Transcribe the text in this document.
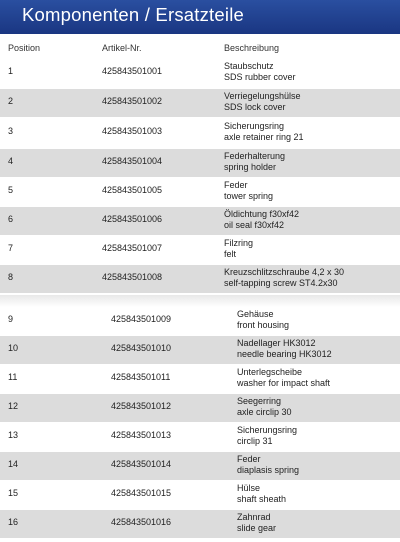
Komponenten / Ersatzteile
Position	Artikel-Nr.	Beschreibung
1	425843501001	Staubschutz
SDS rubber cover
2	425843501002	Verriegelungshülse
SDS lock cover
3	425843501003	Sicherungsring
axle retainer ring 21
4	425843501004	Federhalterung
spring holder
5	425843501005	Feder
tower spring
6	425843501006	Öldichtung f30xf42
oil seal f30xf42
7	425843501007	Filzring
felt
8	425843501008	Kreuzschlitzschraube 4,2 x 30
self-tapping screw ST4.2x30
9	425843501009	Gehäuse
front housing
10	425843501010	Nadellager HK3012
needle bearing HK3012
11	425843501011	Unterlegscheibe
washer for impact shaft
12	425843501012	Seegerring
axle circlip 30
13	425843501013	Sicherungsring
circlip 31
14	425843501014	Feder
diaplasis spring
15	425843501015	Hülse
shaft sheath
16	425843501016	Zahnrad
slide gear
